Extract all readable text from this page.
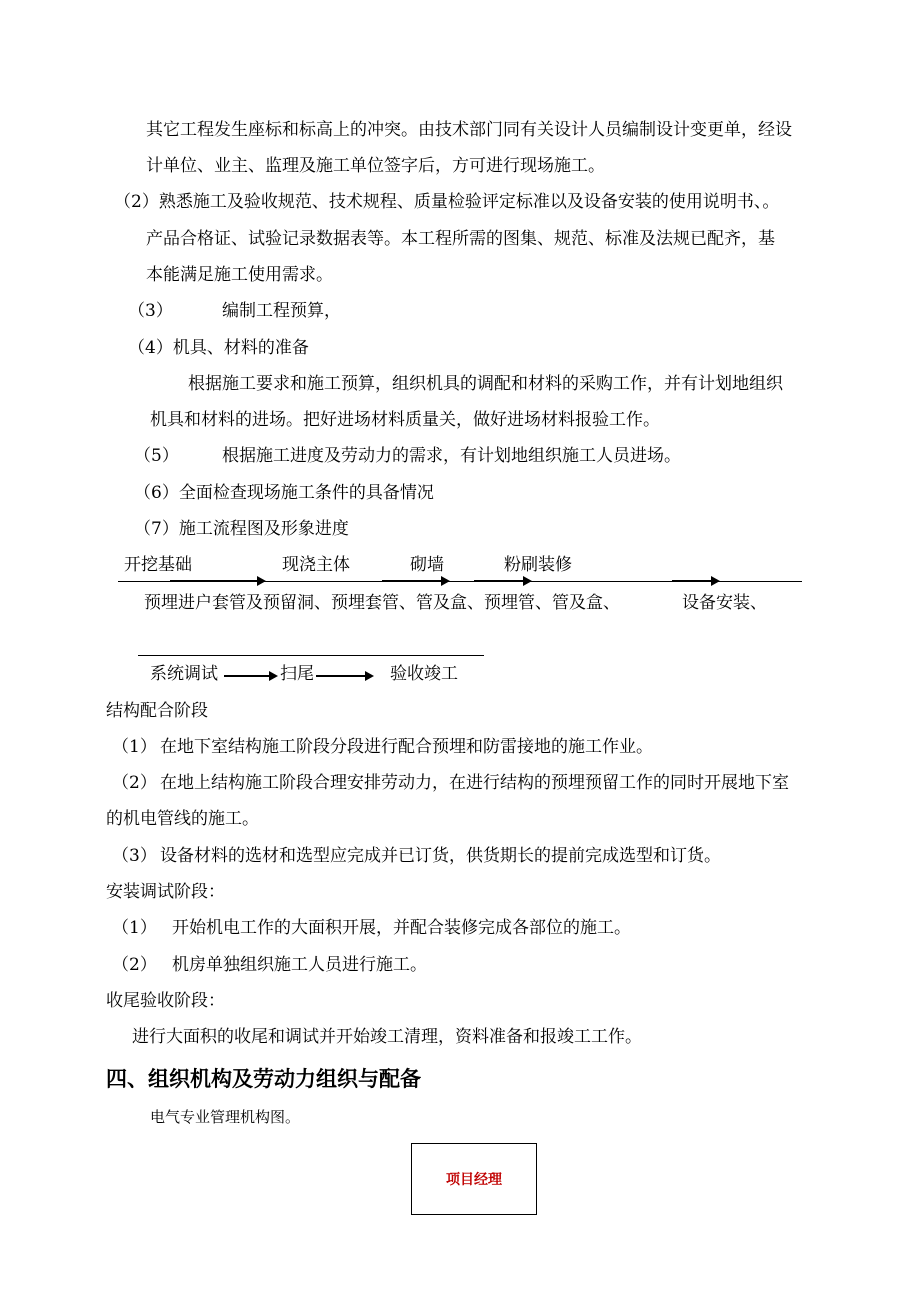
其它工程发生座标和标高上的冲突。由技术部门同有关设计人员编制设计变更单，经设
计单位、业主、监理及施工单位签字后，方可进行现场施工。
（2）熟悉施工及验收规范、技术规程、质量检验评定标准以及设备安装的使用说明书、。
产品合格证、试验记录数据表等。本工程所需的图集、规范、标准及法规已配齐，基
本能满足施工使用需求。
（3）	编制工程预算，
（4）机具、材料的准备
根据施工要求和施工预算，组织机具的调配和材料的采购工作，并有计划地组织
机具和材料的进场。把好进场材料质量关，做好进场材料报验工作。
（5）	根据施工进度及劳动力的需求，有计划地组织施工人员进场。
（6）全面检查现场施工条件的具备情况
（7）施工流程图及形象进度
开挖基础	现浇主体	砌墙	粉刷装修
预埋进户套管及预留洞、预埋套管、管及盒、预埋管、管及盒、	设备安装、
系统调试	扫尾	验收竣工
结构配合阶段
（1） 在地下室结构施工阶段分段进行配合预埋和防雷接地的施工作业。
（2） 在地上结构施工阶段合理安排劳动力，在进行结构的预埋预留工作的同时开展地下室
的机电管线的施工。
（3） 设备材料的选材和选型应完成并已订货，供货期长的提前完成选型和订货。
安装调试阶段：
（1） 开始机电工作的大面积开展，并配合装修完成各部位的施工。
（2） 机房单独组织施工人员进行施工。
收尾验收阶段：
进行大面积的收尾和调试并开始竣工清理，资料准备和报竣工工作。
四、组织机构及劳动力组织与配备
电气专业管理机构图。
项目经理
